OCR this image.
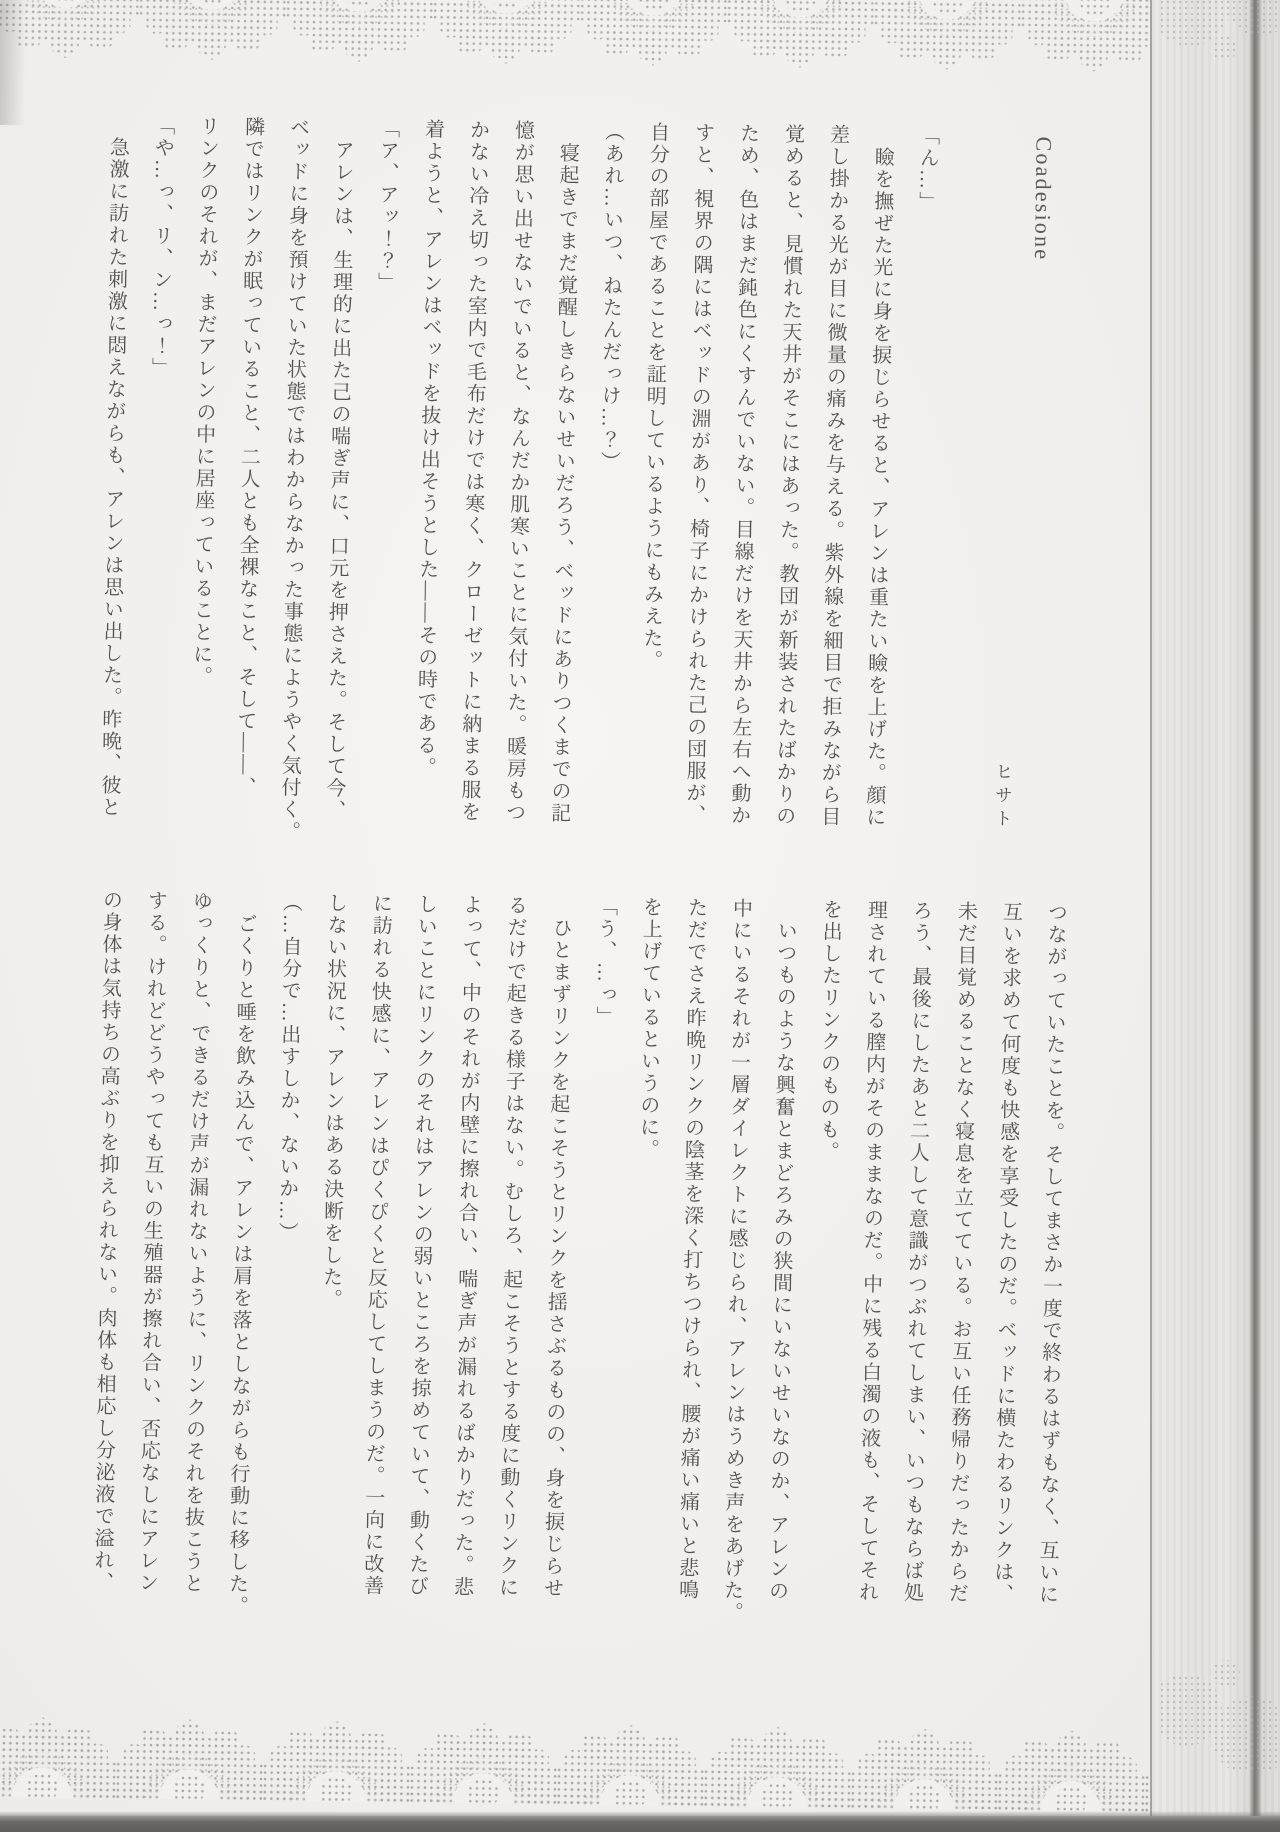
Coadesione
ヒサト
「ん…」
瞼を撫ぜた光に身を捩じらせると、アレンは重たい瞼を上げた。顔に
差し掛かる光が目に微量の痛みを与える。紫外線を細目で拒みながら目
覚めると、見慣れた天井がそこにはあった。教団が新装されたばかりの
ため、色はまだ鈍色にくすんでいない。目線だけを天井から左右へ動か
すと、視界の隅にはベッドの淵があり、椅子にかけられた己の団服が、
自分の部屋であることを証明しているようにもみえた。
（あれ…いつ、ねたんだっけ…？）
寝起きでまだ覚醒しきらないせいだろう、ベッドにありつくまでの記
憶が思い出せないでいると、なんだか肌寒いことに気付いた。暖房もつ
かない冷え切った室内で毛布だけでは寒く、クローゼットに納まる服を
着ようと、アレンはベッドを抜け出そうとした――その時である。
「ア、アッ！？」
アレンは、生理的に出た己の喘ぎ声に、口元を押さえた。そして今、
ベッドに身を預けていた状態ではわからなかった事態にようやく気付く。
隣ではリンクが眠っていること、二人とも全裸なこと、そして――、
リンクのそれが、まだアレンの中に居座っていることに。
「や…っ、リ、ン…っ！」
急激に訪れた刺激に悶えながらも、アレンは思い出した。昨晩、彼と
つながっていたことを。そしてまさか一度で終わるはずもなく、互いに
互いを求めて何度も快感を享受したのだ。ベッドに横たわるリンクは、
未だ目覚めることなく寝息を立てている。お互い任務帰りだったからだ
ろう、最後にしたあと二人して意識がつぶれてしまい、いつもならば処
理されている膣内がそのままなのだ。中に残る白濁の液も、そしてそれ
を出したリンクのものも。
いつものような興奮とまどろみの狭間にいないせいなのか、アレンの
中にいるそれが一層ダイレクトに感じられ、アレンはうめき声をあげた。
ただでさえ昨晩リンクの陰茎を深く打ちつけられ、腰が痛い痛いと悲鳴
を上げているというのに。
「う、…っ」
ひとまずリンクを起こそうとリンクを揺さぶるものの、身を捩じらせ
るだけで起きる様子はない。むしろ、起こそうとする度に動くリンクに
よって、中のそれが内壁に擦れ合い、喘ぎ声が漏れるばかりだった。悲
しいことにリンクのそれはアレンの弱いところを掠めていて、動くたび
に訪れる快感に、アレンはぴくぴくと反応してしまうのだ。一向に改善
しない状況に、アレンはある決断をした。
（…自分で…出すしか、ないか…）
ごくりと唾を飲み込んで、アレンは肩を落としながらも行動に移した。
ゆっくりと、できるだけ声が漏れないように、リンクのそれを抜こうと
する。けれどどうやっても互いの生殖器が擦れ合い、否応なしにアレン
の身体は気持ちの高ぶりを抑えられない。肉体も相応し分泌液で溢れ、
